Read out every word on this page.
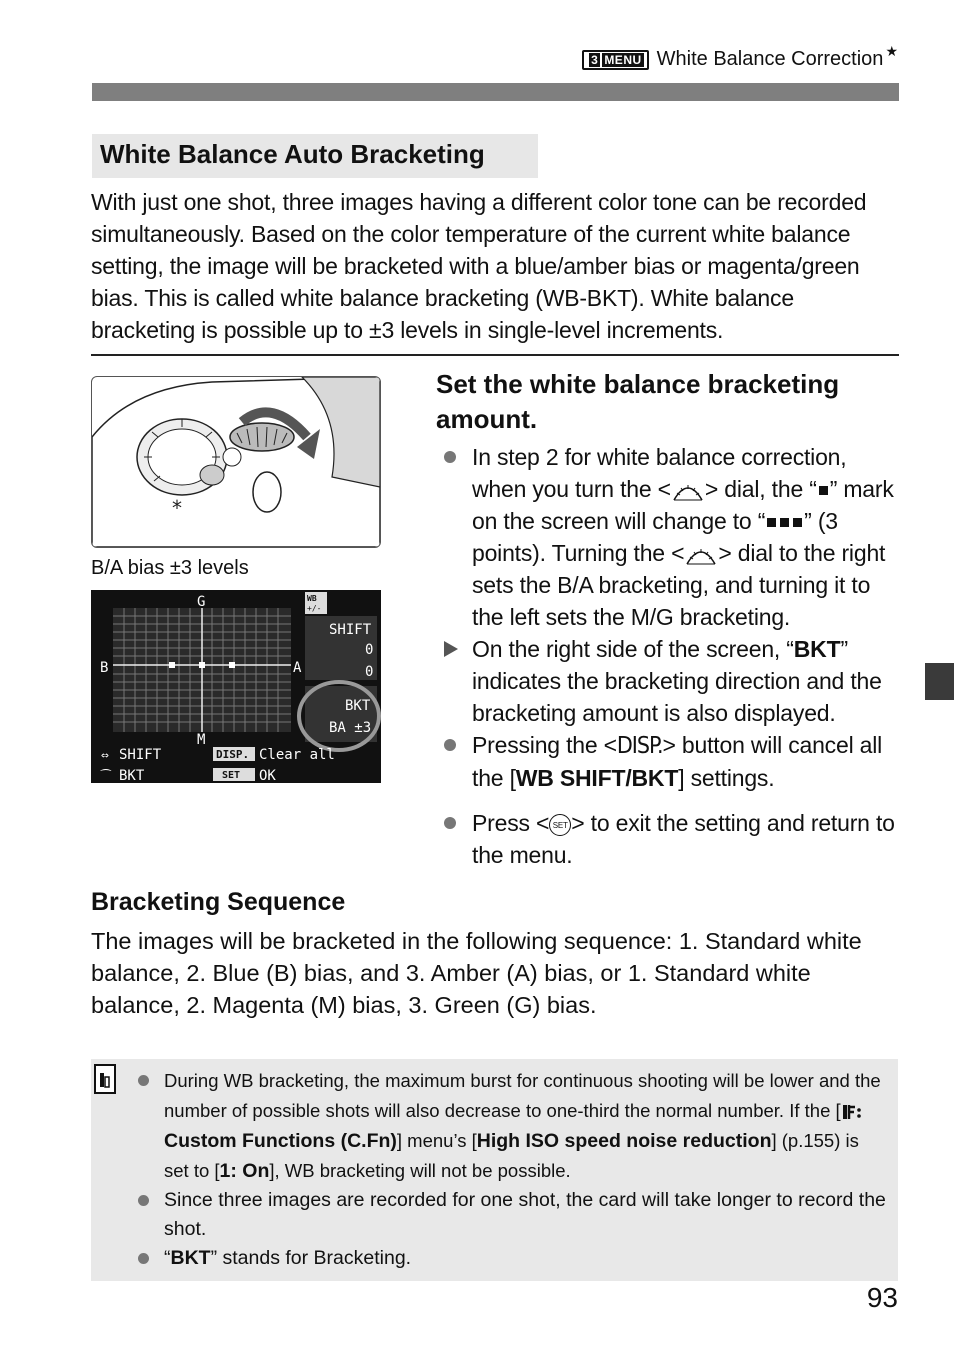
3 MENU White Balance Correction ★
White Balance Auto Bracketing
With just one shot, three images having a different color tone can be recorded simultaneously. Based on the color temperature of the current white balance setting, the image will be bracketed with a blue/amber bias or magenta/green bias. This is called white balance bracketing (WB-BKT). White balance bracketing is possible up to ±3 levels in single-level increments.
*
B/A bias ±3 levels
G
M
B	A
WB
+/-
SHIFT
0
0
BKT
BA ±3
⇔ SHIFT
⁀ BKT
DISP. Clear all
SET OK
Set the white balance bracketing amount.
In step 2 for white balance correction, when you turn the < > dial, the “ ” mark on the screen will change to “ ” (3 points). Turning the < > dial to the right sets the B/A bracketing, and turning it to the left sets the M/G bracketing.
On the right side of the screen, “BKT” indicates the bracketing direction and the bracketing amount is also displayed.
Pressing the <DISP.> button will cancel all the [WB SHIFT/BKT] settings.
Press < SET > to exit the setting and return to the menu.
Bracketing Sequence
The images will be bracketed in the following sequence: 1. Standard white balance, 2. Blue (B) bias, and 3. Amber (A) bias, or 1. Standard white balance, 2. Magenta (M) bias, 3. Green (G) bias.
During WB bracketing, the maximum burst for continuous shooting will be lower and the number of possible shots will also decrease to one-third the normal number. If the [Custom Functions (C.Fn)] menu’s [High ISO speed noise reduction] (p.155) is set to [1: On], WB bracketing will not be possible.
Since three images are recorded for one shot, the card will take longer to record the shot.
“BKT” stands for Bracketing.
93
